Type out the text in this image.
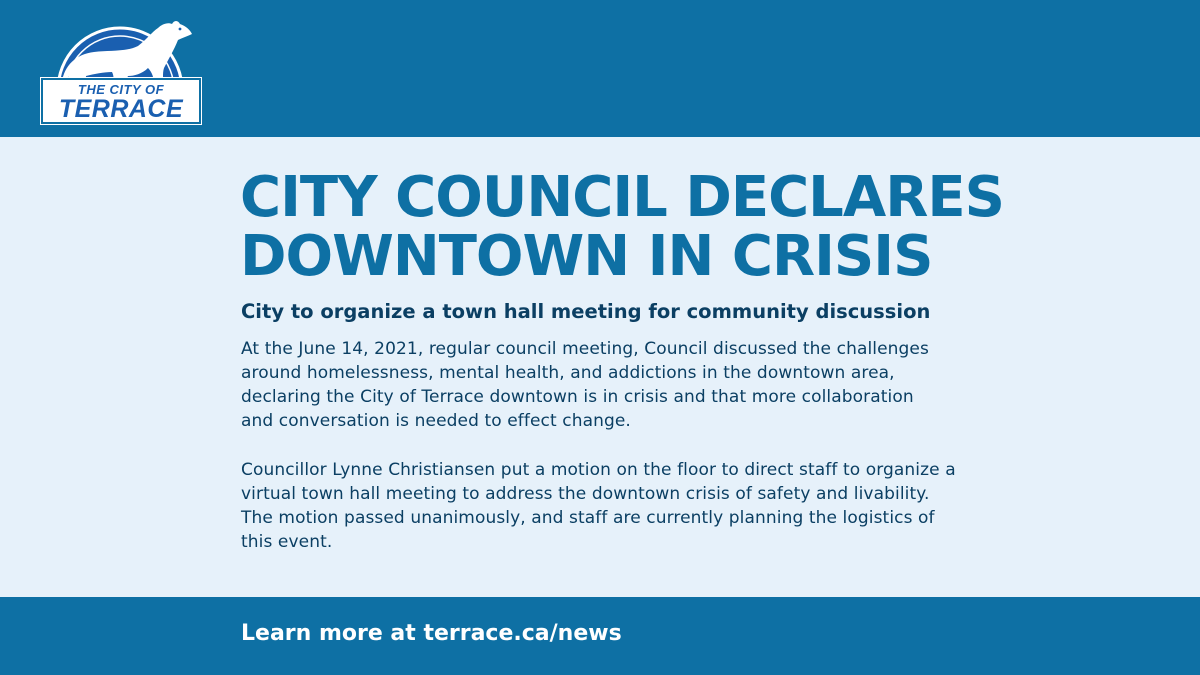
THE CITY OF
TERRACE
CITY COUNCIL DECLARES
DOWNTOWN IN CRISIS
City to organize a town hall meeting for community discussion
At the June 14, 2021, regular council meeting, Council discussed the challenges
around homelessness, mental health, and addictions in the downtown area,
declaring the City of Terrace downtown is in crisis and that more collaboration
and conversation is needed to effect change.
Councillor Lynne Christiansen put a motion on the floor to direct staff to organize a
virtual town hall meeting to address the downtown crisis of safety and livability.
The motion passed unanimously, and staff are currently planning the logistics of
this event.
Learn more at terrace.ca/news
